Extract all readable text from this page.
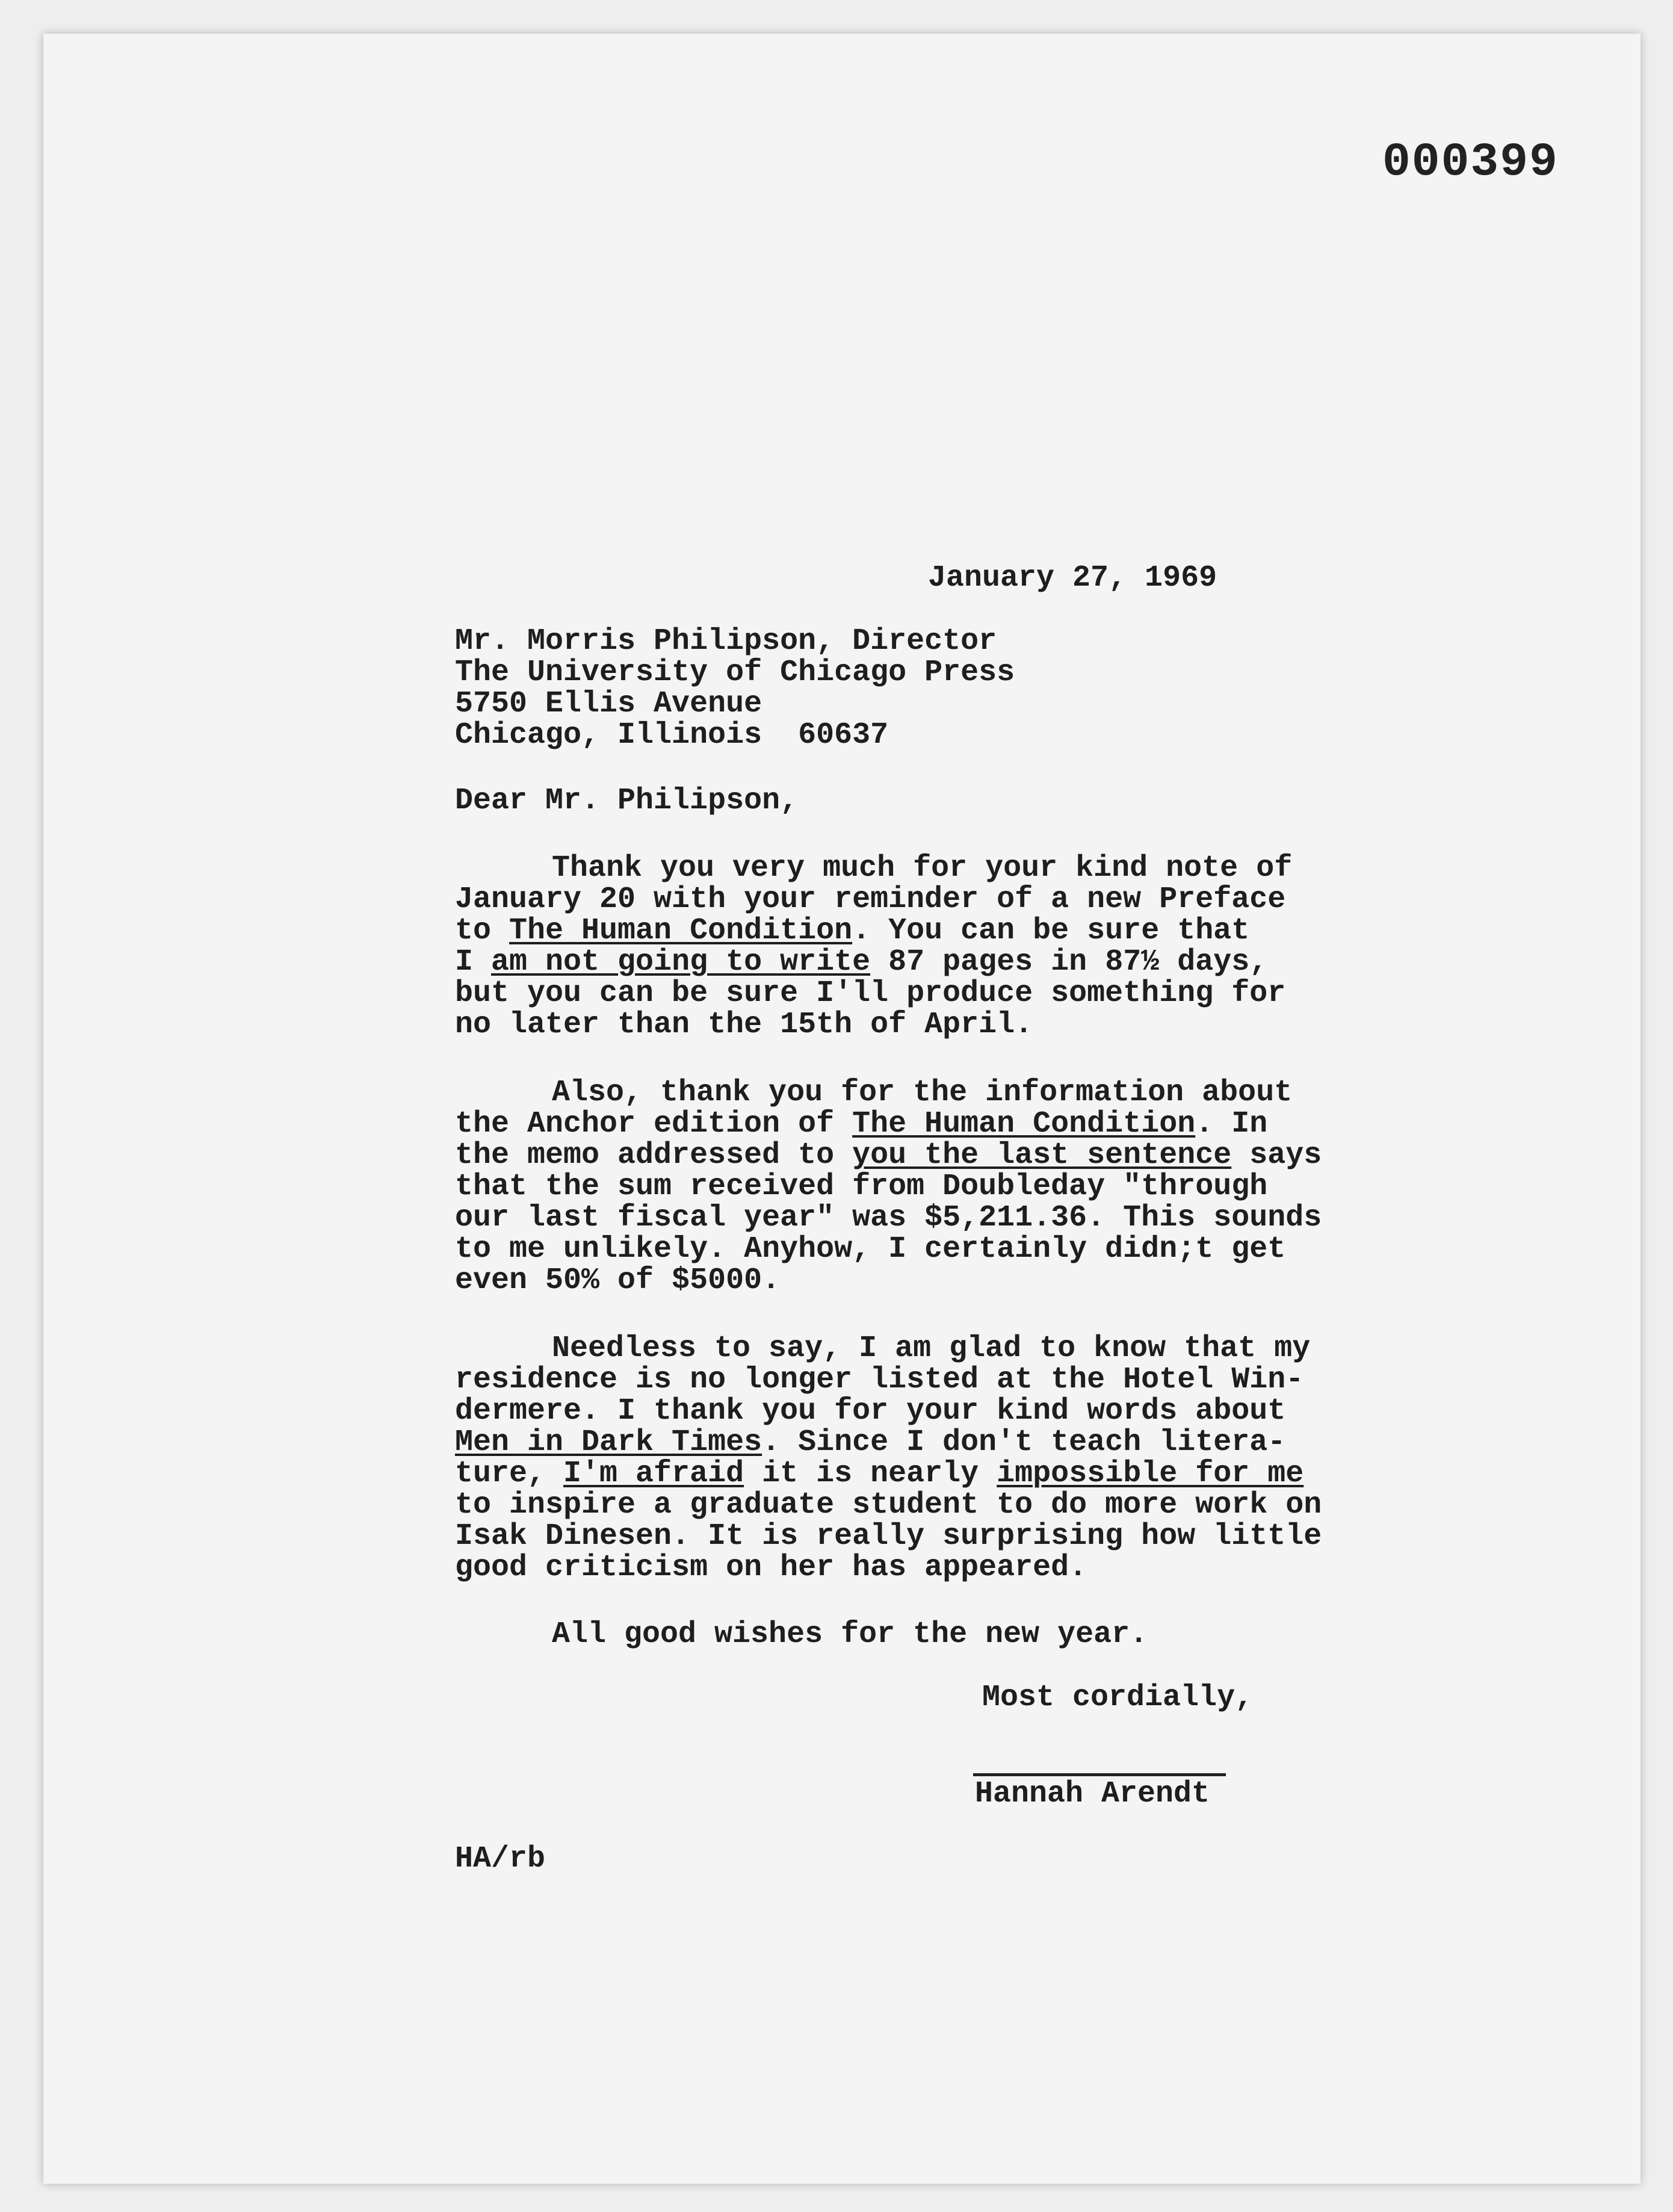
000399
January 27, 1969
Mr. Morris Philipson, Director
The University of Chicago Press
5750 Ellis Avenue
Chicago, Illinois  60637
Dear Mr. Philipson,
Thank you very much for your kind note of
January 20 with your reminder of a new Preface
to The Human Condition. You can be sure that
I am not going to write 87 pages in 87½ days,
but you can be sure I'll produce something for
no later than the 15th of April.
Also, thank you for the information about
the Anchor edition of The Human Condition. In
the memo addressed to you the last sentence says
that the sum received from Doubleday "through
our last fiscal year" was $5,211.36. This sounds
to me unlikely. Anyhow, I certainly didn;t get
even 50% of $5000.
Needless to say, I am glad to know that my
residence is no longer listed at the Hotel Win-
dermere. I thank you for your kind words about
Men in Dark Times. Since I don't teach litera-
ture, I'm afraid it is nearly impossible for me
to inspire a graduate student to do more work on
Isak Dinesen. It is really surprising how little
good criticism on her has appeared.
All good wishes for the new year.
Most cordially,
Hannah Arendt
HA/rb
